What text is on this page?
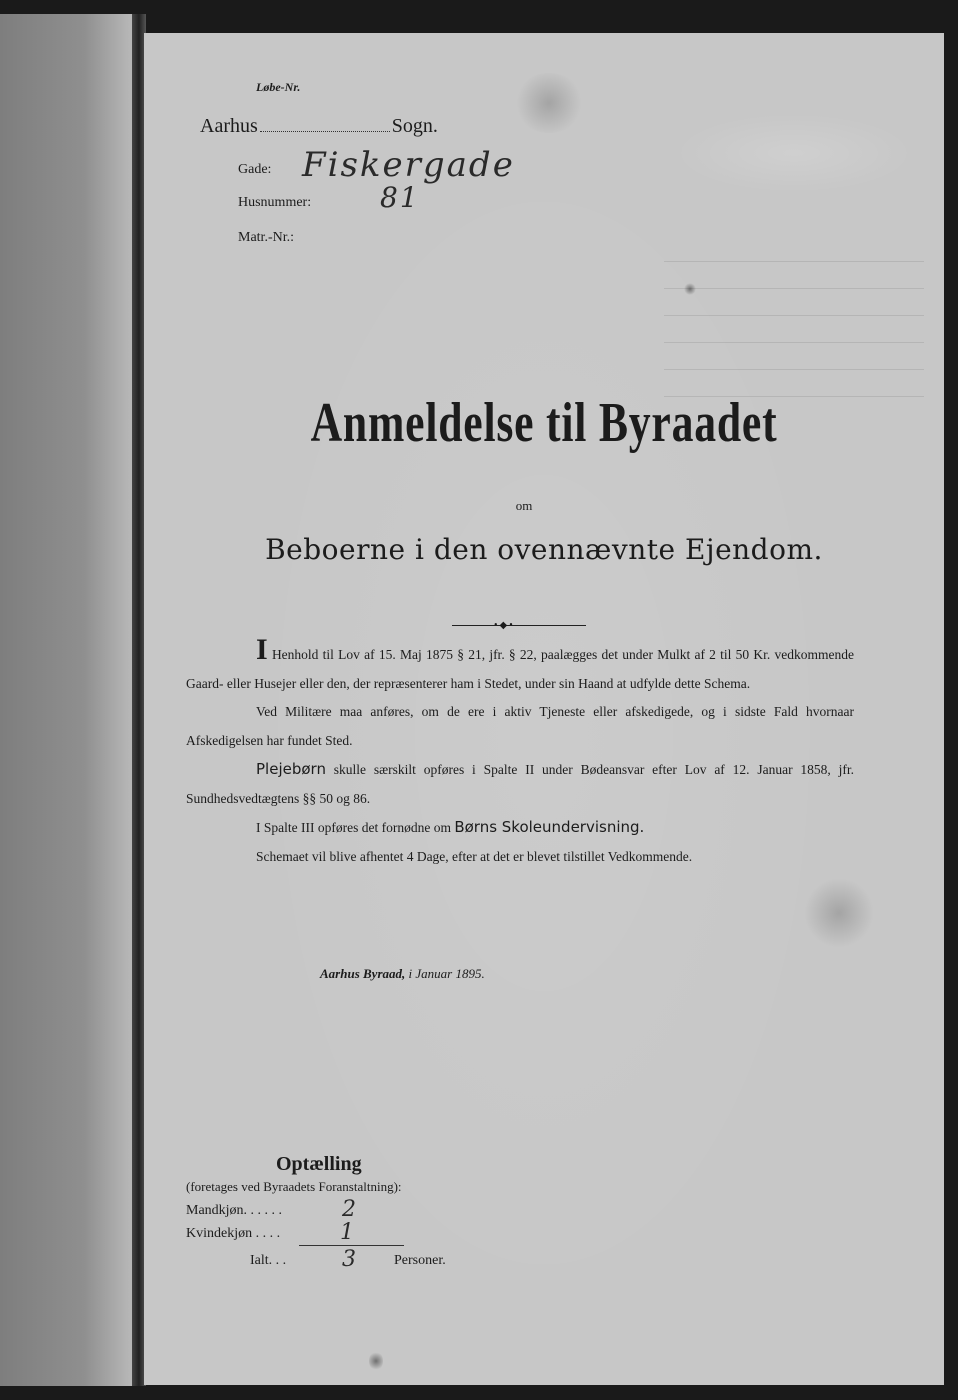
Løbe-Nr.
Aarhus	Sogn.
Gade: Fiskergade
Husnummer: 81
Matr.-Nr.:
Anmeldelse til Byraadet
om
Beboerne i den ovennævnte Ejendom.
•◆•

I Henhold til Lov af 15. Maj 1875 § 21, jfr. § 22, paalægges det under Mulkt af 2 til 50 Kr. vedkommende Gaard- eller Husejer eller den, der repræsenterer ham i Stedet, under sin Haand at udfylde dette Schema.

Ved Militære maa anføres, om de ere i aktiv Tjeneste eller afskedigede, og i sidste Fald hvornaar Afskedigelsen har fundet Sted.

Plejebørn skulle særskilt opføres i Spalte II under Bødeansvar efter Lov af 12. Januar 1858, jfr. Sundhedsvedtægtens §§ 50 og 86.

I Spalte III opføres det fornødne om Børns Skoleundervisning.

Schemaet vil blive afhentet 4 Dage, efter at det er blevet tilstillet Vedkommende.

Aarhus Byraad, i Januar 1895.
Optælling
(foretages ved Byraadets Foranstaltning):
Mandkjøn. . . . . .	2
Kvindekjøn . . . .	1
Ialt. . .	3	Personer.
